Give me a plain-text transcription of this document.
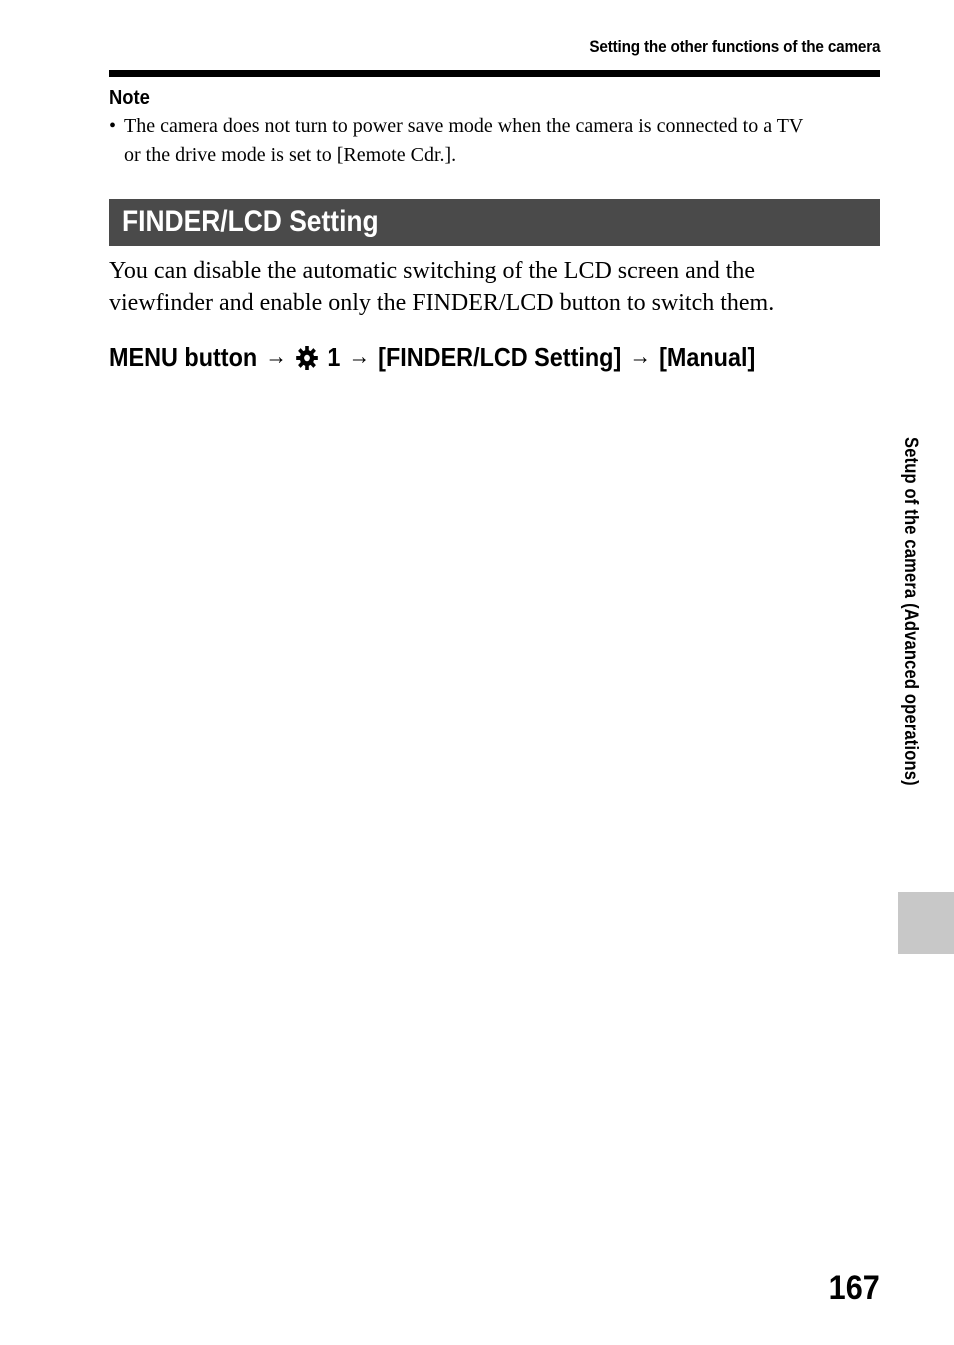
Setting the other functions of the camera
Note
• The camera does not turn to power save mode when the camera is connected to a TV
or the drive mode is set to [Remote Cdr.].
FINDER/LCD Setting
You can disable the automatic switching of the LCD screen and the
viewfinder and enable only the FINDER/LCD button to switch them.
MENU button → 1 → [FINDER/LCD Setting] → [Manual]
Setup of the camera (Advanced operations)
167
